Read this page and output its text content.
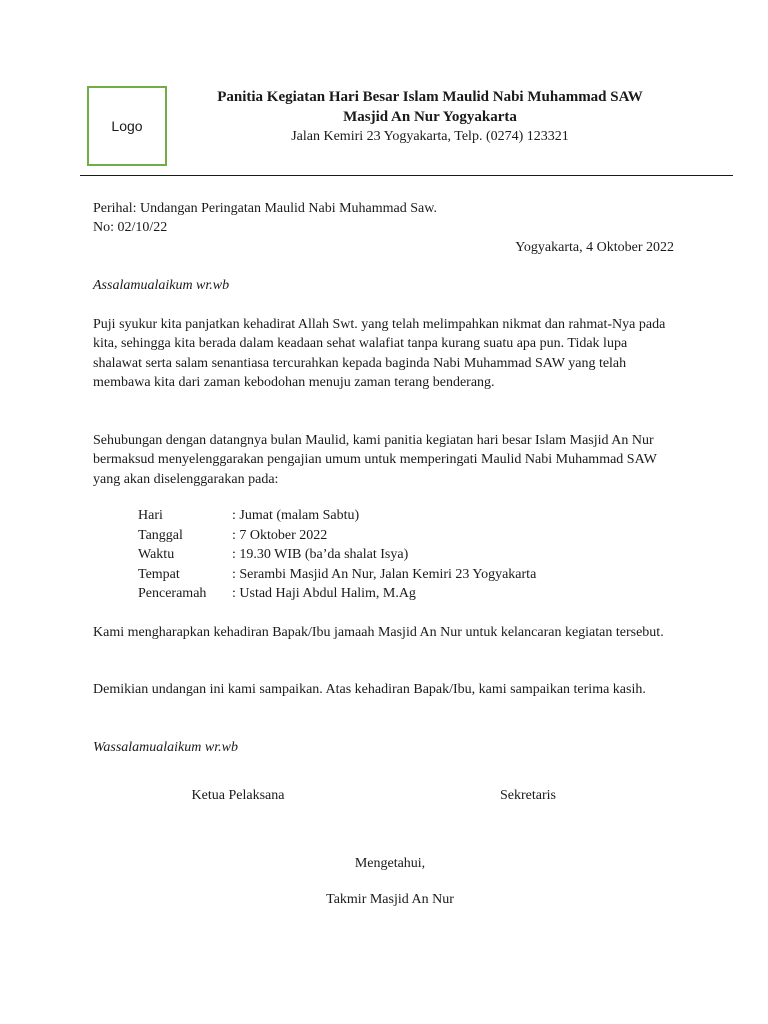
Logo
Panitia Kegiatan Hari Besar Islam Maulid Nabi Muhammad SAW
Masjid An Nur Yogyakarta
Jalan Kemiri 23 Yogyakarta, Telp. (0274) 123321
Perihal: Undangan Peringatan Maulid Nabi Muhammad Saw.
No: 02/10/22
Yogyakarta, 4 Oktober 2022
Assalamualaikum wr.wb

Puji syukur kita panjatkan kehadirat Allah Swt. yang telah melimpahkan nikmat dan rahmat-Nya pada kita, sehingga kita berada dalam keadaan sehat walafiat tanpa kurang suatu apa pun. Tidak lupa shalawat serta salam senantiasa tercurahkan kepada baginda Nabi Muhammad SAW yang telah membawa kita dari zaman kebodohan menuju zaman terang benderang.

Sehubungan dengan datangnya bulan Maulid, kami panitia kegiatan hari besar Islam Masjid An Nur bermaksud menyelenggarakan pengajian umum untuk memperingati Maulid Nabi Muhammad SAW yang akan diselenggarakan pada:

Hari	: Jumat (malam Sabtu)
Tanggal	: 7 Oktober 2022
Waktu	: 19.30 WIB (ba’da shalat Isya)
Tempat	: Serambi Masjid An Nur, Jalan Kemiri 23 Yogyakarta
Penceramah	: Ustad Haji Abdul Halim, M.Ag

Kami mengharapkan kehadiran Bapak/Ibu jamaah Masjid An Nur untuk kelancaran kegiatan tersebut.

Demikian undangan ini kami sampaikan. Atas kehadiran Bapak/Ibu, kami sampaikan terima kasih.

Wassalamualaikum wr.wb
Ketua Pelaksana	Sekretaris
Mengetahui,
Takmir Masjid An Nur
